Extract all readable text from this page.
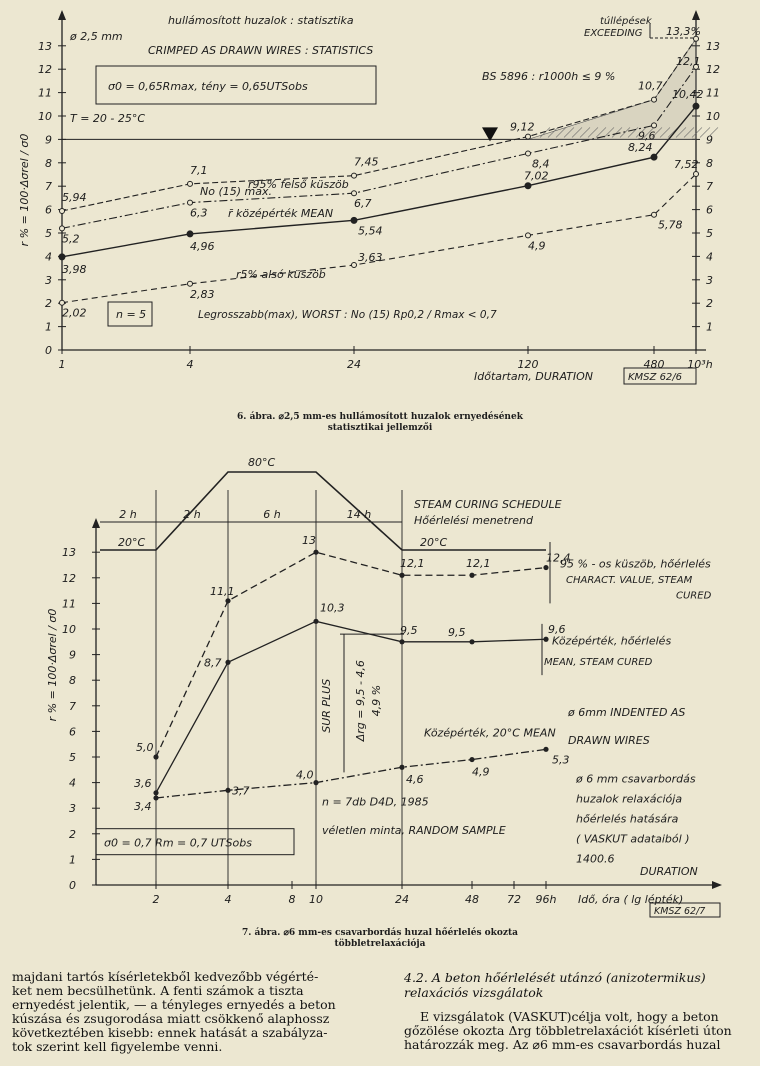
0
1	1
2	2
3	3
4	4
5	5
6	6
7	7
8	8
9	9
10	10
11	11
12	12
13	13
1	4	24	120	480 10³h
5,94
7,1
7,45
9,12
10,7
13,3%
5,2
6,3
6,7
8,4
9,6
12,1
3,98
4,96
5,54
7,02
8,24
10,42
2,02
2,83
3,63
4,9
5,78
7,52
r95% felső küszöb
No (15) max.
r̄ középérték MEAN
r5% alsó küszöb
ø 2,5 mm
hullámosított huzalok : statisztika
CRIMPED AS DRAWN WIRES : STATISTICS
σ0 = 0,65Rmax, tény = 0,65UTSobs
T = 20 - 25°C
BS 5896 : r1000h ≤ 9 %
túllépések
EXCEEDING
n = 5	Legrosszabb(max), WORST : No (15) Rp0,2 / Rmax < 0,7
Időtartam, DURATION	KMSZ 62/6
r % = 100·Δσrel / σ0
0
1
2
3
4
5
6
7
8
9
10
11
12
13
2	4	8 10	24	48	72 96h
2 h	2 h	6 h	14 h
20°C
80°C
20°C
STEAM CURING SCHEDULE
Hőérlelési menetrend
5,0
11,1
13
12,1	12,1	12,4
3,6
8,7
10,3
9,5	9,5	9,6
3,4
3,7
4,0	4,6
4,9
5,3
95 % - os küszöb, hőérlelés
CHARACT. VALUE, STEAM
CURED
Középérték, hőérlelés
MEAN, STEAM CURED
Középérték, 20°C MEAN
SUR PLUS Δrg = 9,5 - 4,6 4,9 %
n = 7db D4D, 1985
véletlen minta, RANDOM SAMPLE
σ0 = 0,7 Rm = 0,7 UTSobs
ø 6mm INDENTED AS
DRAWN WIRES
ø 6 mm csavarbordás
huzalok relaxációja
hőérlelés hatására
( VASKUT adataiból )
1400.6
DURATION
Idő, óra ( lg lépték)
KMSZ 62/7
r % = 100·Δσrel / σ0
6. ábra. ⌀2,5 mm-es hullámosított huzalok ernyedésének
statisztikai jellemzői
7. ábra. ⌀6 mm-es csavarbordás huzal hőérlelés okozta
többletrelaxációja

majdani tartós kísérletekből kedvezőbb végérté-

ket nem becsülhetünk. A fenti számok a tiszta

ernyedést jelentik, — a tényleges ernyedés a beton

kúszása és zsugorodása miatt csökkenő alaphossz

következtében kisebb: ennek hatását a szabályza-

tok szerint kell figyelembe venni.

4.2. A beton hőérlelését utánzó (anizotermikus) relaxációs vizsgálatok

E vizsgálatok (VASKUT)célja volt, hogy a beton

gőzölése okozta Δrg többletrelaxációt kísérleti úton

határozzák meg. Az ⌀6 mm-es csavarbordás huzal
